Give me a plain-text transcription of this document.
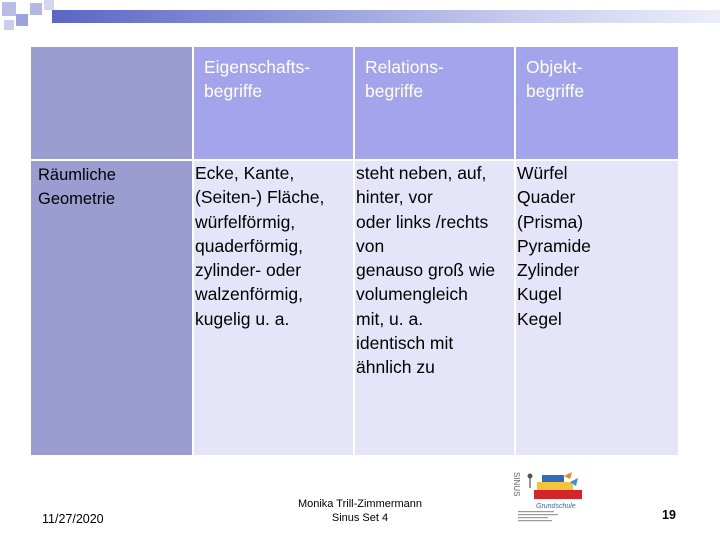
Eigenschafts-
begriffe
Relations-
begriffe
Objekt-
begriffe
Räumliche
Geometrie
Ecke, Kante,
(Seiten-) Fläche,
würfelförmig,
quaderförmig,
zylinder- oder
walzenförmig,
kugelig u. a.
steht neben, auf,
hinter, vor
oder links /rechts
von
genauso groß wie
volumengleich
mit, u. a.
identisch mit
ähnlich zu
Würfel
Quader
(Prisma)
Pyramide
Zylinder
Kugel
Kegel
11/27/2020
Monika Trill-Zimmermann
Sinus Set 4
SINUS
Grundschule
19
